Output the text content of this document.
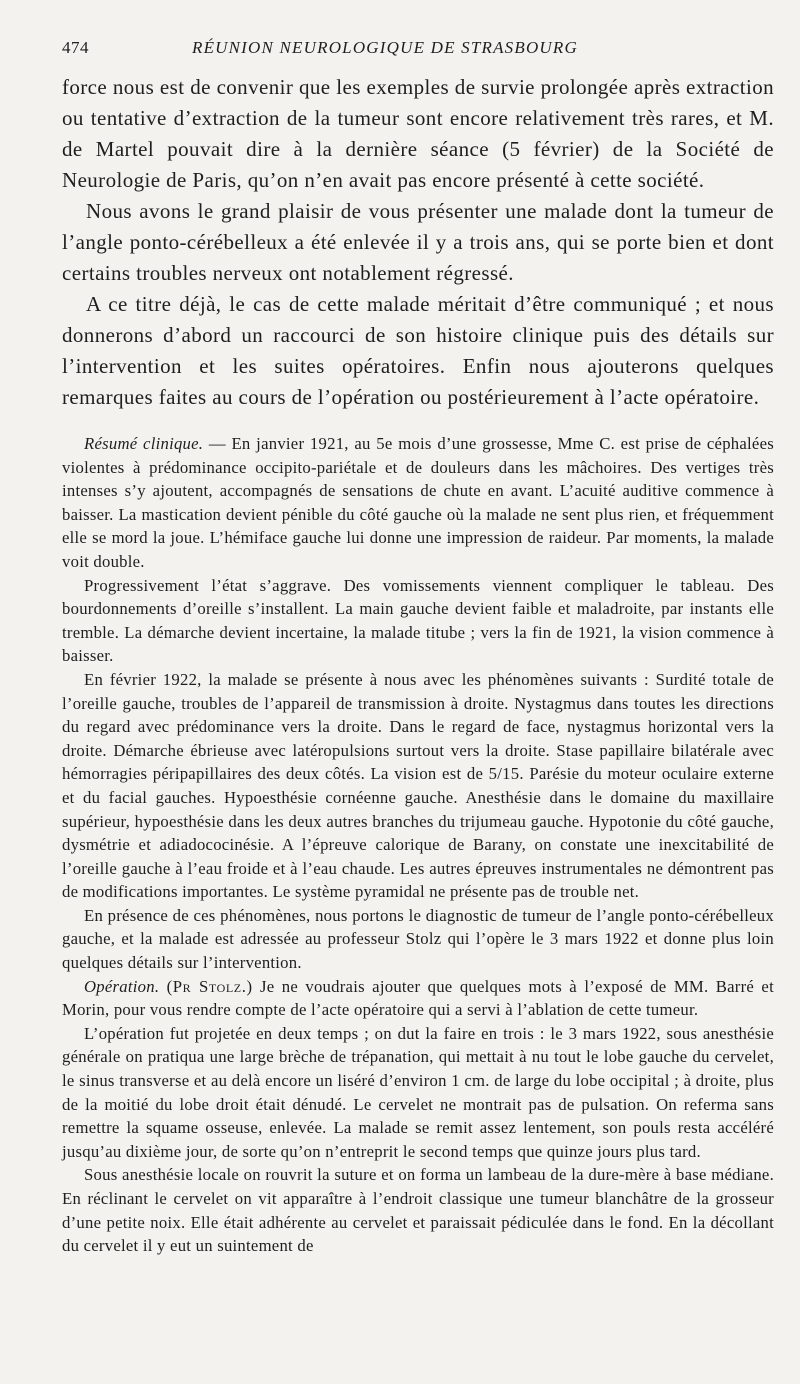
474	RÉUNION NEUROLOGIQUE DE STRASBOURG

force nous est de convenir que les exemples de survie prolongée après extraction ou tentative d’extraction de la tumeur sont encore relativement très rares, et M. de Martel pouvait dire à la dernière séance (5 février) de la Société de Neurologie de Paris, qu’on n’en avait pas encore présenté à cette société.

Nous avons le grand plaisir de vous présenter une malade dont la tumeur de l’angle ponto-cérébelleux a été enlevée il y a trois ans, qui se porte bien et dont certains troubles nerveux ont notablement régressé.

A ce titre déjà, le cas de cette malade méritait d’être communiqué ; et nous donnerons d’abord un raccourci de son histoire clinique puis des détails sur l’intervention et les suites opératoires. Enfin nous ajouterons quelques remarques faites au cours de l’opération ou postérieurement à l’acte opératoire.

Résumé clinique. — En janvier 1921, au 5e mois d’une grossesse, Mme C. est prise de céphalées violentes à prédominance occipito-pariétale et de douleurs dans les mâchoires. Des vertiges très intenses s’y ajoutent, accompagnés de sensations de chute en avant. L’acuité auditive commence à baisser. La mastication devient pénible du côté gauche où la malade ne sent plus rien, et fréquemment elle se mord la joue. L’hémiface gauche lui donne une impression de raideur. Par moments, la malade voit double.

Progressivement l’état s’aggrave. Des vomissements viennent compliquer le tableau. Des bourdonnements d’oreille s’installent. La main gauche devient faible et maladroite, par instants elle tremble. La démarche devient incertaine, la malade titube ; vers la fin de 1921, la vision commence à baisser.

En février 1922, la malade se présente à nous avec les phénomènes suivants : Surdité totale de l’oreille gauche, troubles de l’appareil de transmission à droite. Nystagmus dans toutes les directions du regard avec prédominance vers la droite. Dans le regard de face, nystagmus horizontal vers la droite. Démarche ébrieuse avec latéropulsions surtout vers la droite. Stase papillaire bilatérale avec hémorragies péripapillaires des deux côtés. La vision est de 5/15. Parésie du moteur oculaire externe et du facial gauches. Hypoesthésie cornéenne gauche. Anesthésie dans le domaine du maxillaire supérieur, hypoesthésie dans les deux autres branches du trijumeau gauche. Hypotonie du côté gauche, dysmétrie et adiadococinésie. A l’épreuve calorique de Barany, on constate une inexcitabilité de l’oreille gauche à l’eau froide et à l’eau chaude. Les autres épreuves instrumentales ne démontrent pas de modifications importantes. Le système pyramidal ne présente pas de trouble net.

En présence de ces phénomènes, nous portons le diagnostic de tumeur de l’angle ponto-cérébelleux gauche, et la malade est adressée au professeur Stolz qui l’opère le 3 mars 1922 et donne plus loin quelques détails sur l’intervention.

Opération. (Pr Stolz.) Je ne voudrais ajouter que quelques mots à l’exposé de MM. Barré et Morin, pour vous rendre compte de l’acte opératoire qui a servi à l’ablation de cette tumeur.

L’opération fut projetée en deux temps ; on dut la faire en trois : le 3 mars 1922, sous anesthésie générale on pratiqua une large brèche de trépanation, qui mettait à nu tout le lobe gauche du cervelet, le sinus transverse et au delà encore un liséré d’environ 1 cm. de large du lobe occipital ; à droite, plus de la moitié du lobe droit était dénudé. Le cervelet ne montrait pas de pulsation. On referma sans remettre la squame osseuse, enlevée. La malade se remit assez lentement, son pouls resta accéléré jusqu’au dixième jour, de sorte qu’on n’entreprit le second temps que quinze jours plus tard.

Sous anesthésie locale on rouvrit la suture et on forma un lambeau de la dure-mère à base médiane. En réclinant le cervelet on vit apparaître à l’endroit classique une tumeur blanchâtre de la grosseur d’une petite noix. Elle était adhérente au cervelet et paraissait pédiculée dans le fond. En la décollant du cervelet il y eut un suintement de
